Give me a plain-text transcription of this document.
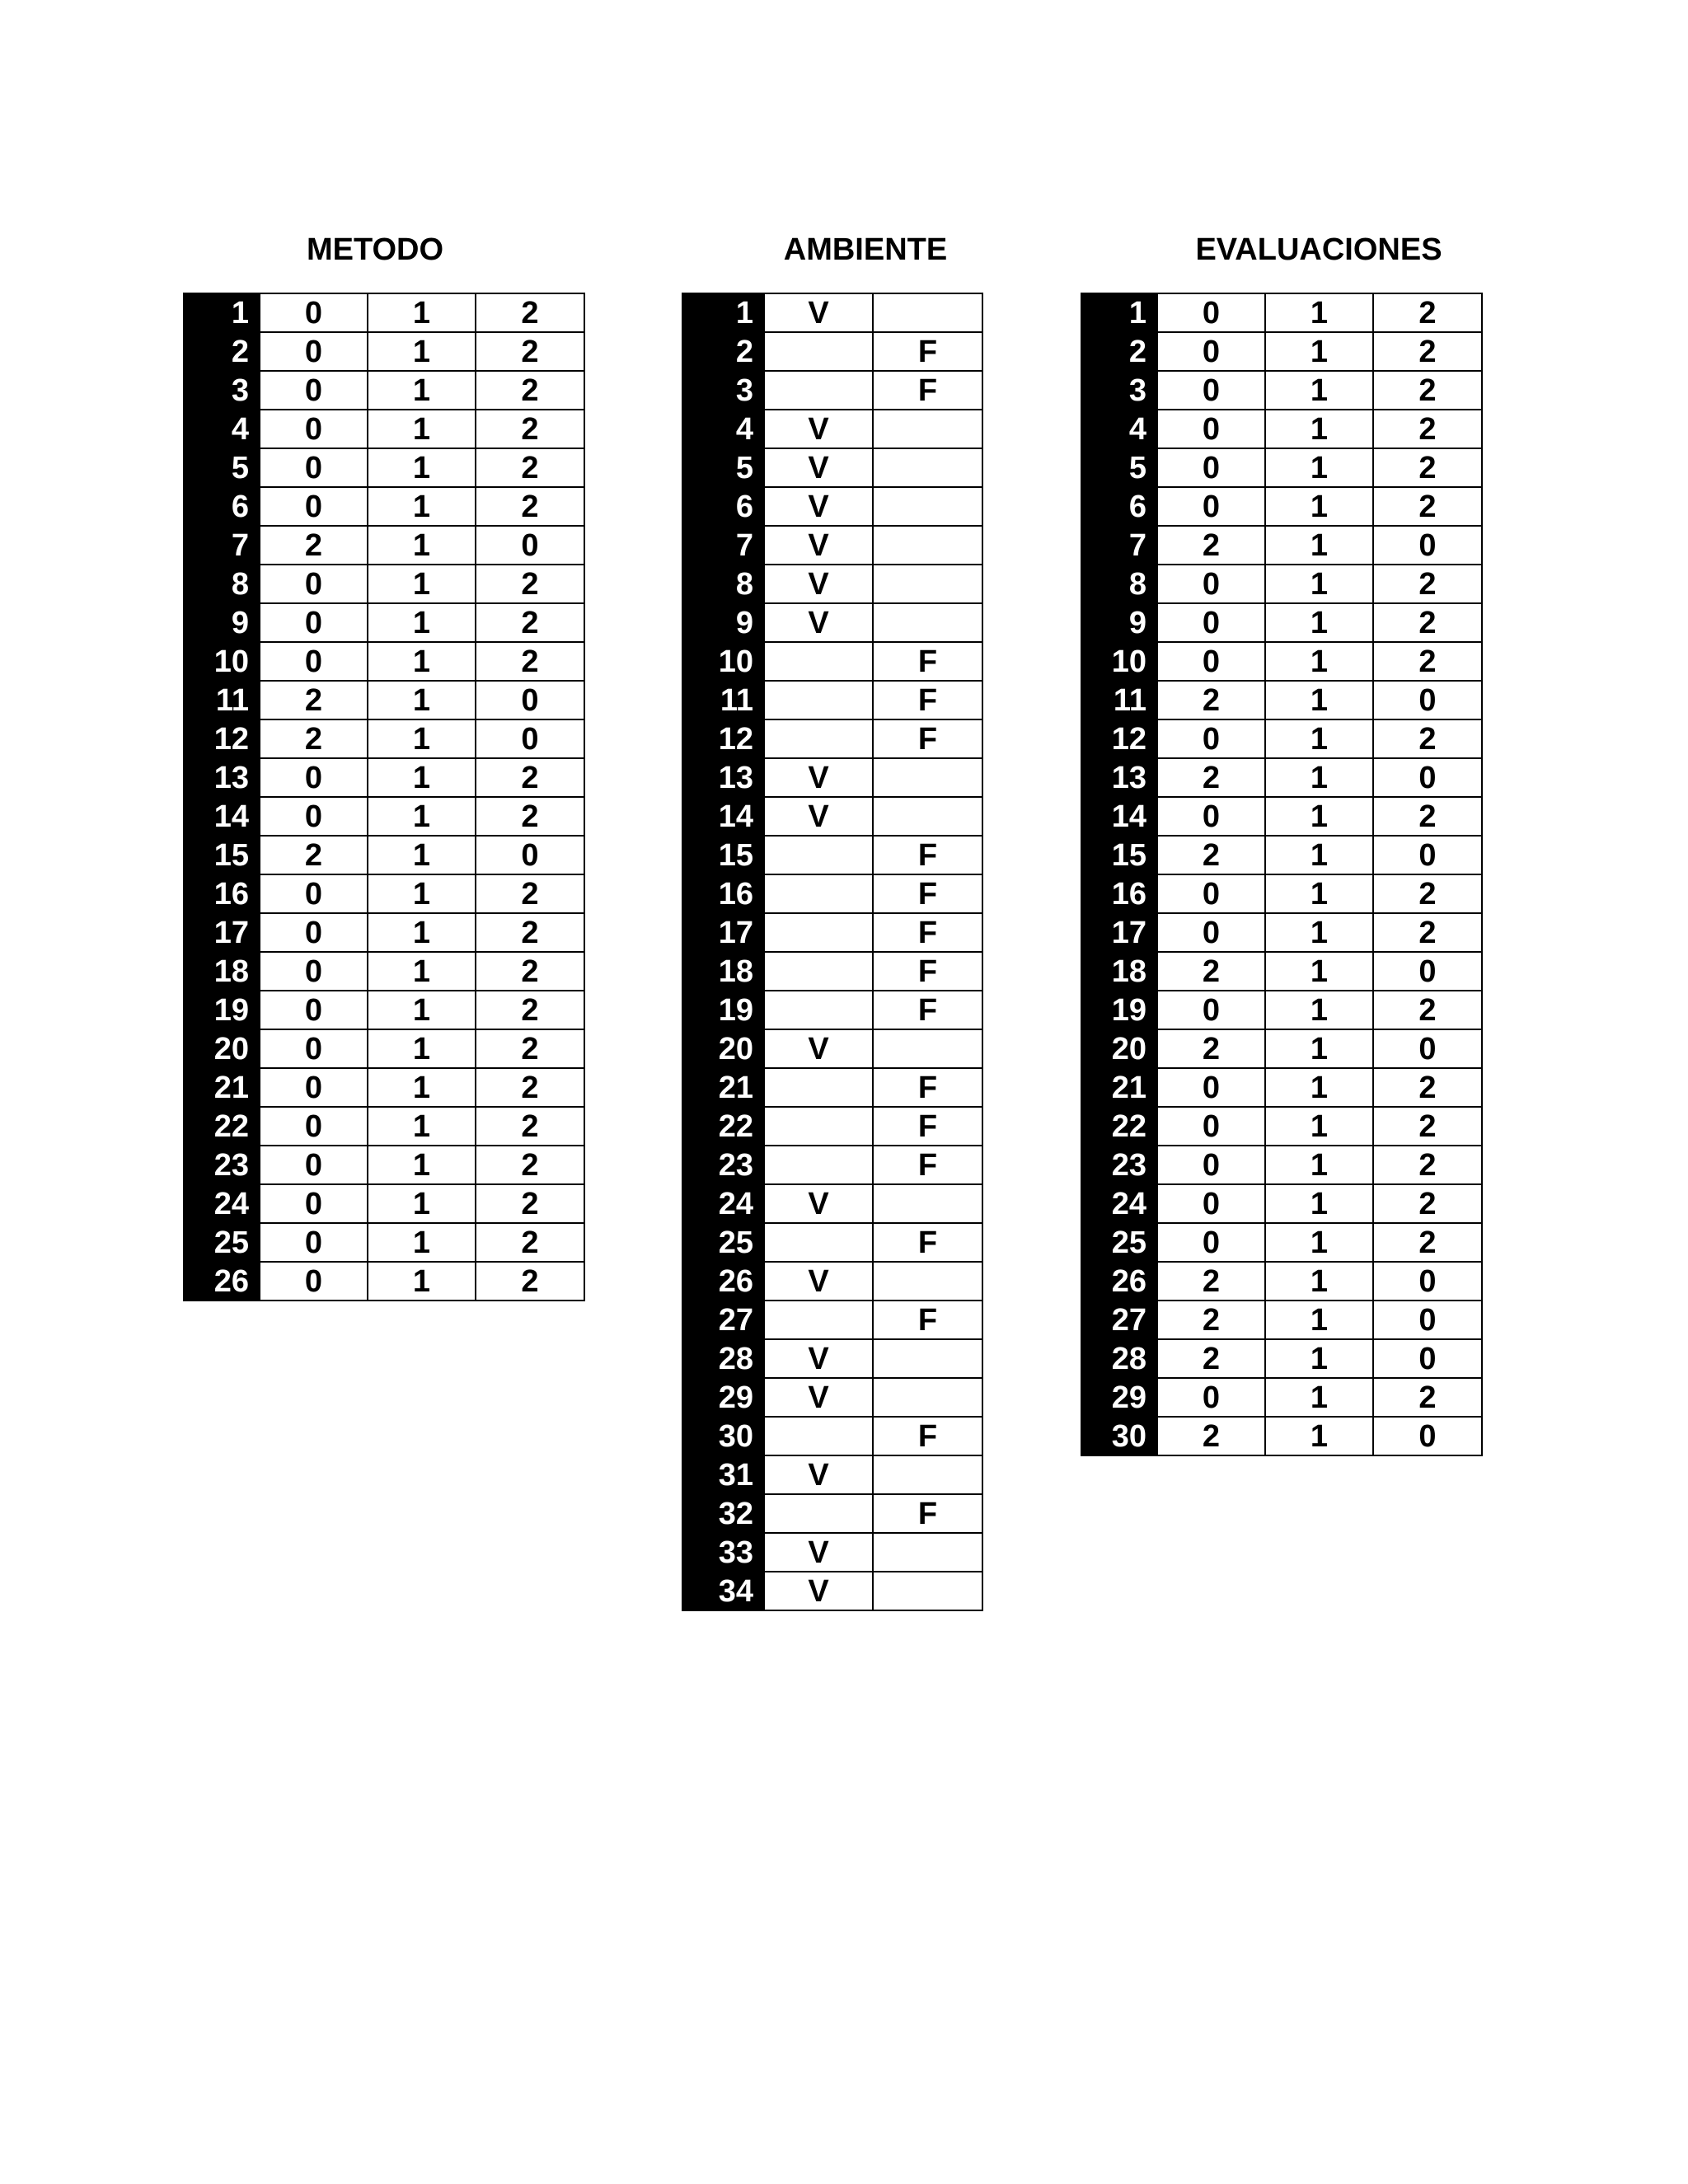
METODO
1	0	1	2
2	0	1	2
3	0	1	2
4	0	1	2
5	0	1	2
6	0	1	2
7	2	1	0
8	0	1	2
9	0	1	2
10	0	1	2
11	2	1	0
12	2	1	0
13	0	1	2
14	0	1	2
15	2	1	0
16	0	1	2
17	0	1	2
18	0	1	2
19	0	1	2
20	0	1	2
21	0	1	2
22	0	1	2
23	0	1	2
24	0	1	2
25	0	1	2
26	0	1	2
AMBIENTE
1	V	
2		F
3		F
4	V	
5	V	
6	V	
7	V	
8	V	
9	V	
10		F
11		F
12		F
13	V	
14	V	
15		F
16		F
17		F
18		F
19		F
20	V	
21		F
22		F
23		F
24	V	
25		F
26	V	
27		F
28	V	
29	V	
30		F
31	V	
32		F
33	V	
34	V	
EVALUACIONES
1	0	1	2
2	0	1	2
3	0	1	2
4	0	1	2
5	0	1	2
6	0	1	2
7	2	1	0
8	0	1	2
9	0	1	2
10	0	1	2
11	2	1	0
12	0	1	2
13	2	1	0
14	0	1	2
15	2	1	0
16	0	1	2
17	0	1	2
18	2	1	0
19	0	1	2
20	2	1	0
21	0	1	2
22	0	1	2
23	0	1	2
24	0	1	2
25	0	1	2
26	2	1	0
27	2	1	0
28	2	1	0
29	0	1	2
30	2	1	0
